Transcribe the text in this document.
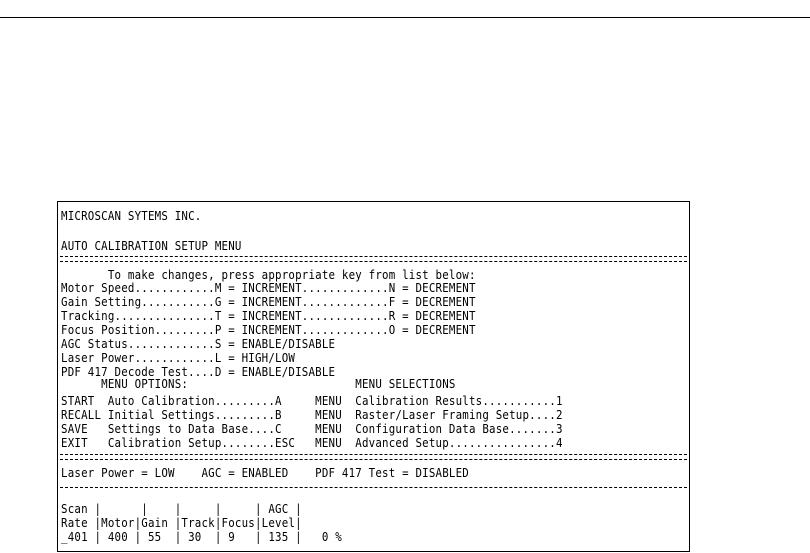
MICROSCAN SYTEMS INC.
AUTO CALIBRATION SETUP MENU
To make changes, press appropriate key from list below:
Motor Speed............M = INCREMENT.............N = DECREMENT
Gain Setting...........G = INCREMENT.............F = DECREMENT
Tracking...............T = INCREMENT.............R = DECREMENT
Focus Position.........P = INCREMENT.............O = DECREMENT
AGC Status.............S = ENABLE/DISABLE
Laser Power............L = HIGH/LOW
PDF 417 Decode Test....D = ENABLE/DISABLE
MENU OPTIONS:                         MENU SELECTIONS
START  Auto Calibration.........A     MENU  Calibration Results...........1
RECALL Initial Settings.........B     MENU  Raster/Laser Framing Setup....2
SAVE   Settings to Data Base....C     MENU  Configuration Data Base.......3
EXIT   Calibration Setup........ESC   MENU  Advanced Setup................4
Laser Power = LOW    AGC = ENABLED    PDF 417 Test = DISABLED
Scan |      |    |     |     | AGC |
Rate |Motor|Gain |Track|Focus|Level|
_401 | 400 | 55  | 30  | 9   | 135 |   0 %
